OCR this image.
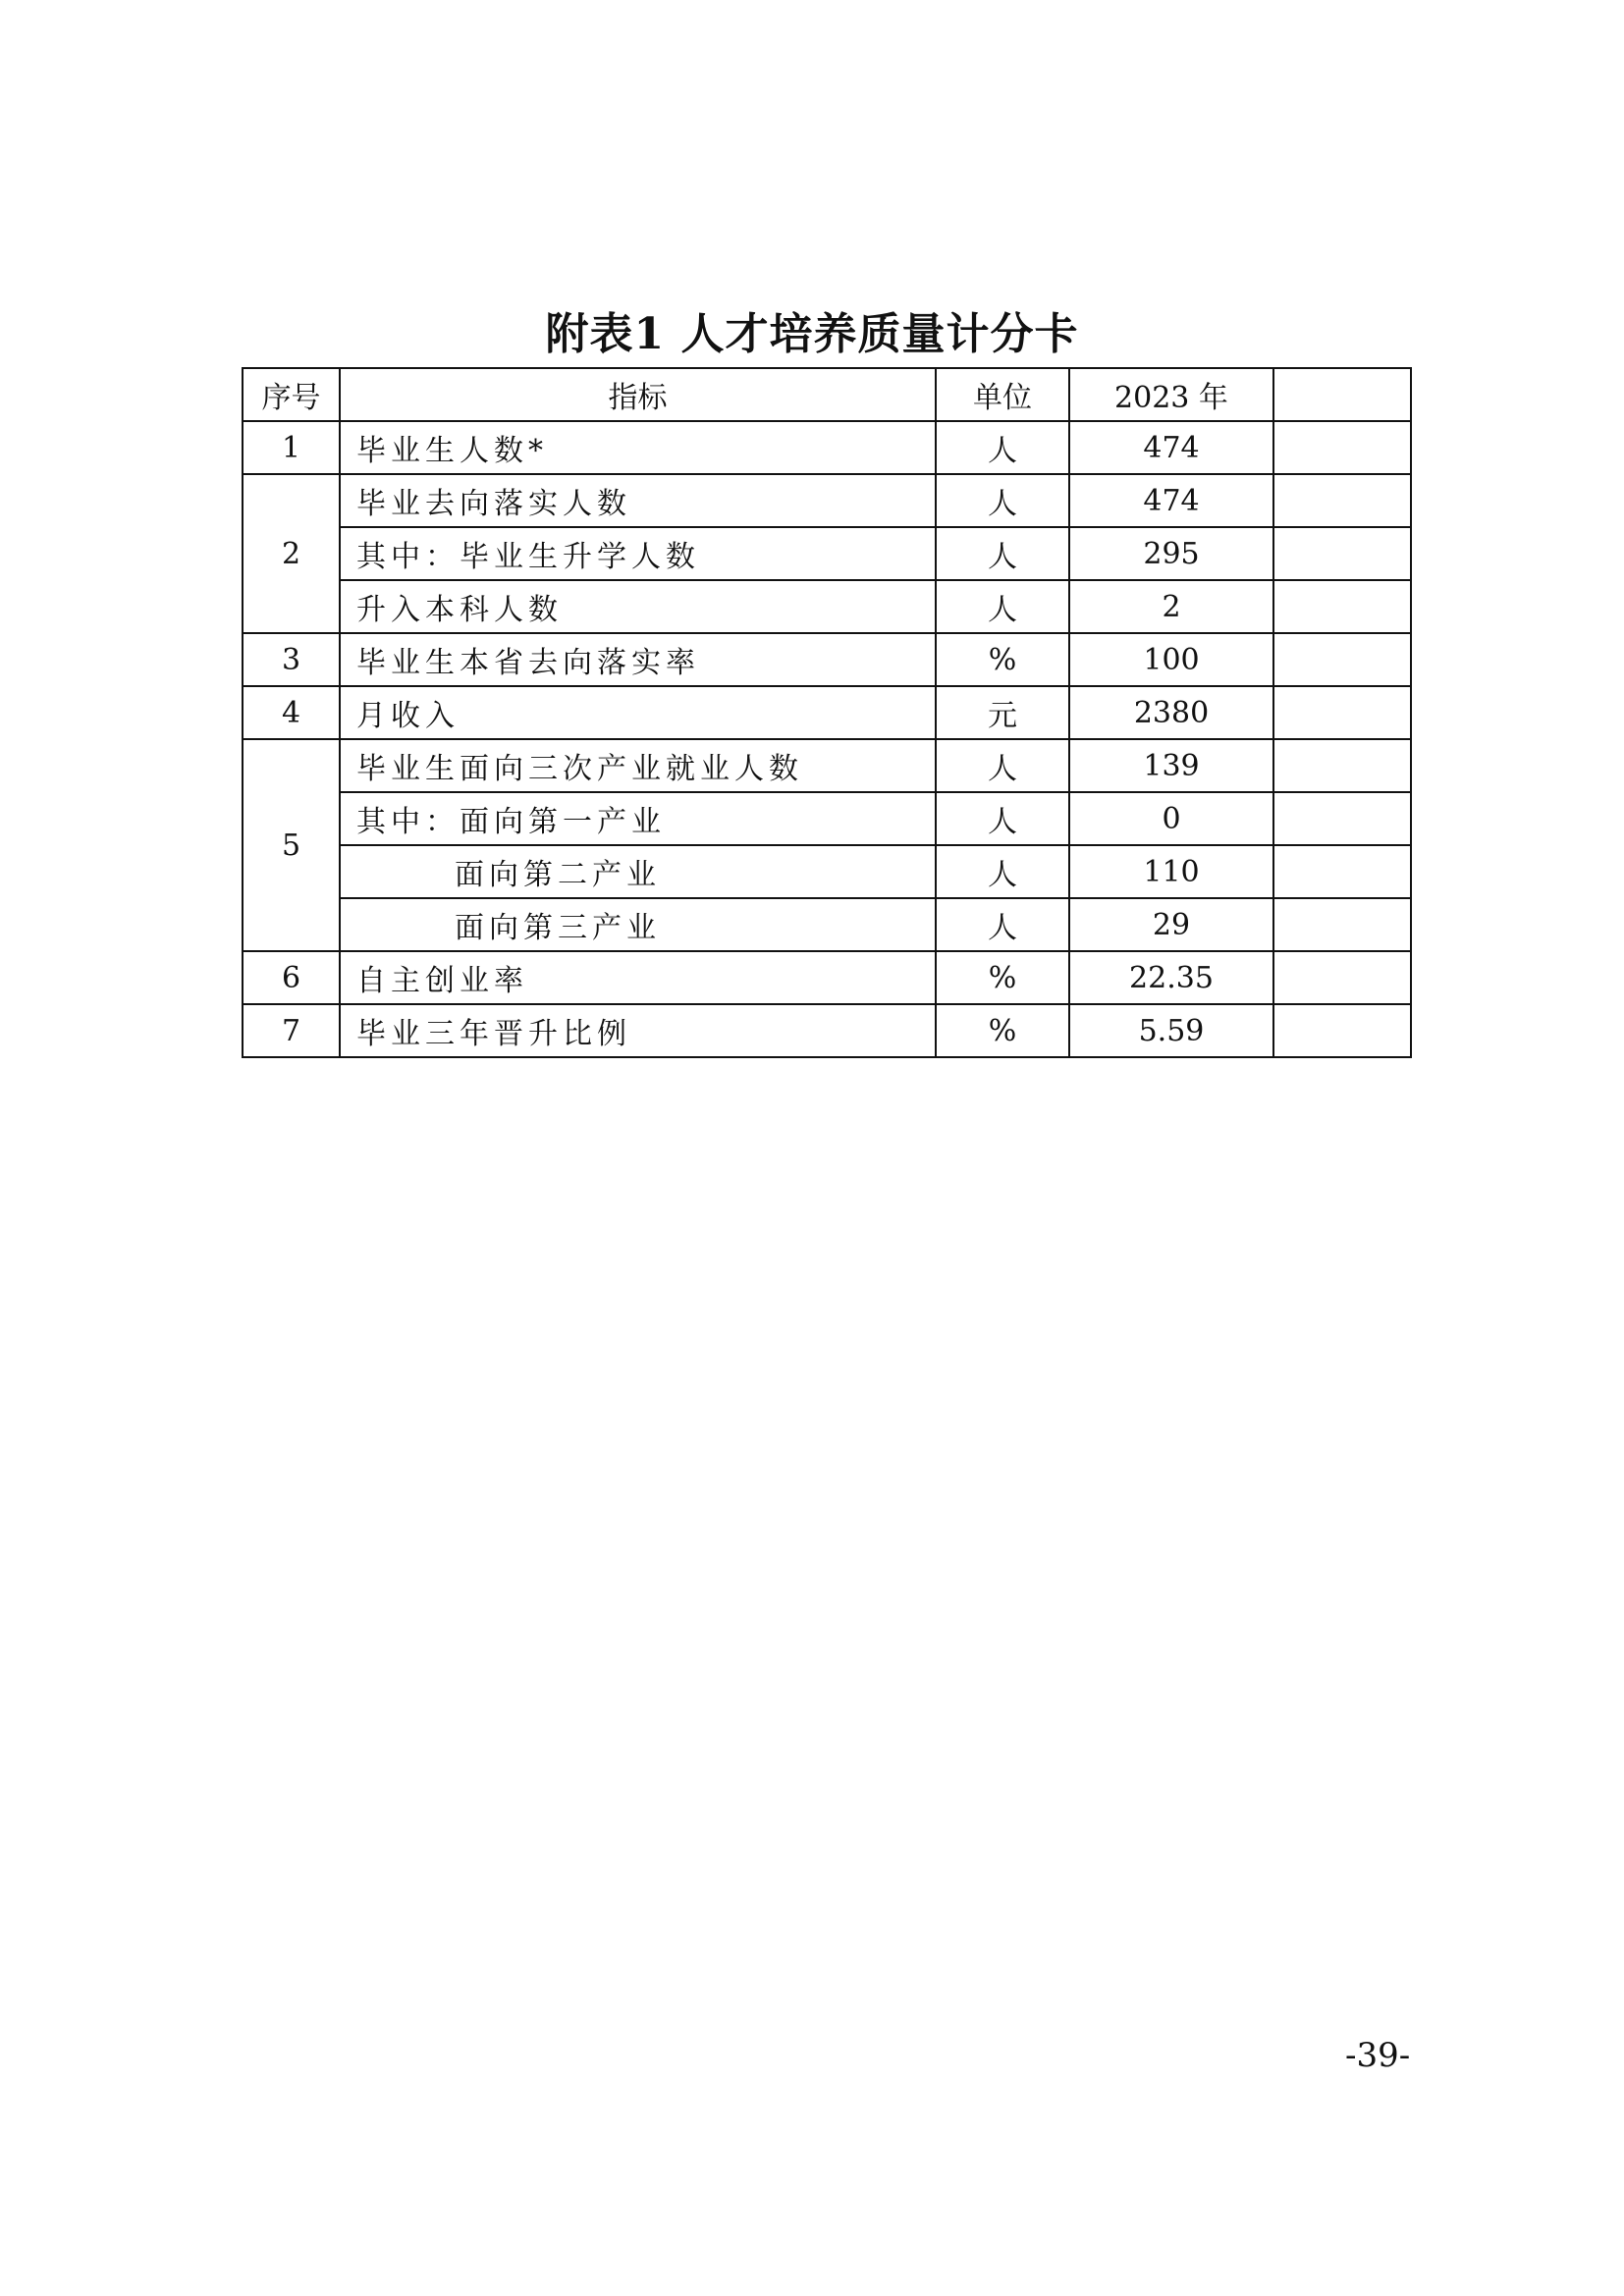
附表1 人才培养质量计分卡
序号	指标	单位	2023 年	
1	毕业生人数*	人	474	
2	毕业去向落实人数	人	474	
	其中：毕业生升学人数	人	295	
	升入本科人数	人	2	
3	毕业生本省去向落实率	%	100	
4	月收入	元	2380	
5	毕业生面向三次产业就业人数	人	139	
	其中：面向第一产业	人	0	
	面向第二产业	人	110	
	面向第三产业	人	29	
6	自主创业率	%	22.35	
7	毕业三年晋升比例	%	5.59	
-39-
